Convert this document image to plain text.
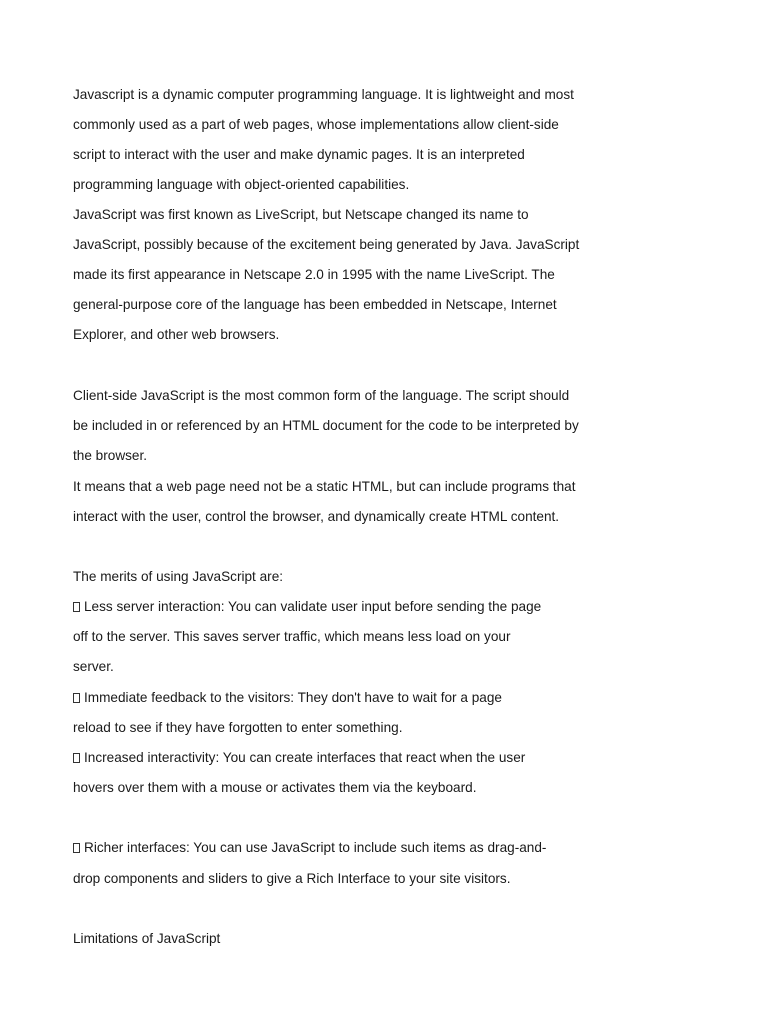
Javascript is a dynamic computer programming language. It is lightweight and most

commonly used as a part of web pages, whose implementations allow client-side

script to interact with the user and make dynamic pages. It is an interpreted

programming language with object-oriented capabilities.

JavaScript was first known as LiveScript, but Netscape changed its name to

JavaScript, possibly because of the excitement being generated by Java. JavaScript

made its first appearance in Netscape 2.0 in 1995 with the name LiveScript. The

general-purpose core of the language has been embedded in Netscape, Internet

Explorer, and other web browsers.

Client-side JavaScript is the most common form of the language. The script should

be included in or referenced by an HTML document for the code to be interpreted by

the browser.

It means that a web page need not be a static HTML, but can include programs that

interact with the user, control the browser, and dynamically create HTML content.

The merits of using JavaScript are:

Less server interaction: You can validate user input before sending the page

off to the server. This saves server traffic, which means less load on your

server.

Immediate feedback to the visitors: They don't have to wait for a page

reload to see if they have forgotten to enter something.

Increased interactivity: You can create interfaces that react when the user

hovers over them with a mouse or activates them via the keyboard.

Richer interfaces: You can use JavaScript to include such items as drag-and-

drop components and sliders to give a Rich Interface to your site visitors.

Limitations of JavaScript
